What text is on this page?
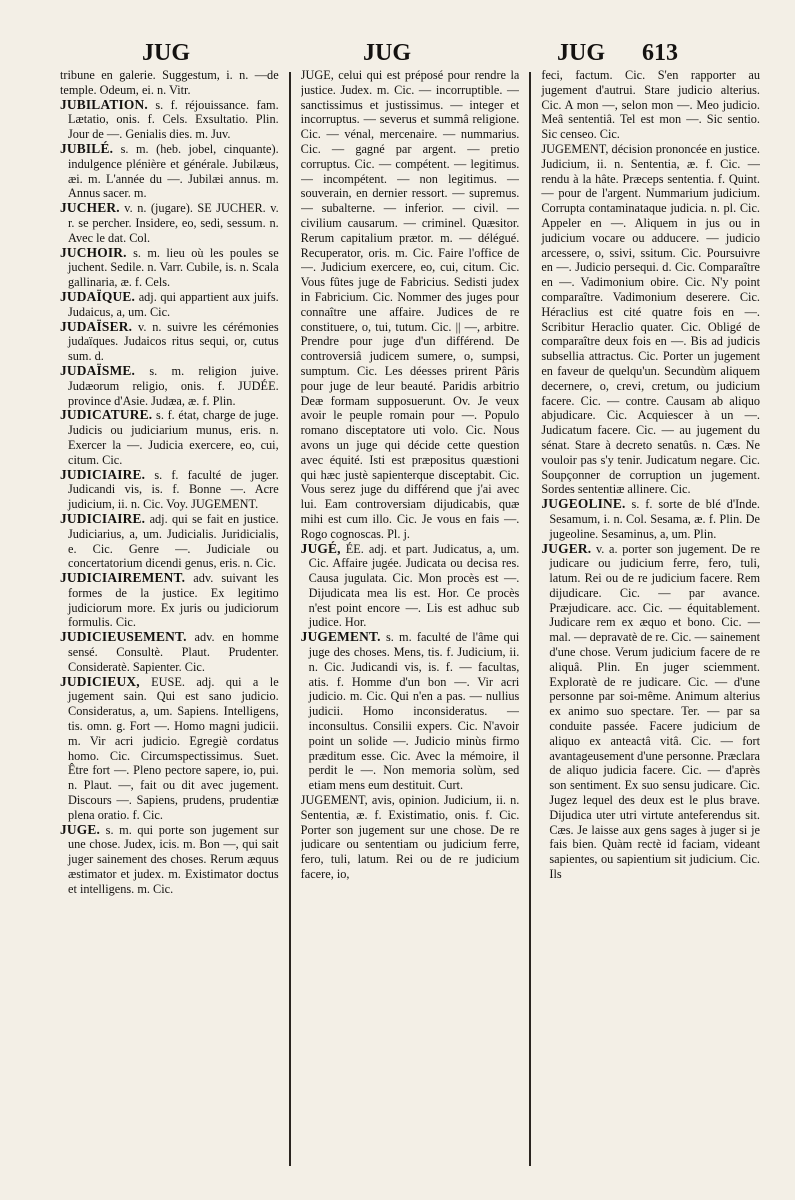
JUG	JUG	JUG 613

tribune en galerie. Suggestum, i. n. —de temple. Odeum, ei. n. Vitr.

JUBILATION. s. f. réjouissance. fam. Lætatio, onis. f. Cels. Exsultatio. Plin. Jour de —. Genialis dies. m. Juv.

JUBILÉ. s. m. (heb. jobel, cinquante). indulgence plénière et générale. Jubilæus, æi. m. L'année du —. Jubilæi annus. m. Annus sacer. m.

JUCHER. v. n. (jugare). SE JUCHER. v. r. se percher. Insidere, eo, sedi, sessum. n. Avec le dat. Col.

JUCHOIR. s. m. lieu où les poules se juchent. Sedile. n. Varr. Cubile, is. n. Scala gallinaria, æ. f. Cels.

JUDAÏQUE. adj. qui appartient aux juifs. Judaicus, a, um. Cic.

JUDAÏSER. v. n. suivre les cérémonies judaïques. Judaicos ritus sequi, or, cutus sum. d.

JUDAÏSME. s. m. religion juive. Judæorum religio, onis. f. JUDÉE. province d'Asie. Judæa, æ. f. Plin.

JUDICATURE. s. f. état, charge de juge. Judicis ou judiciarium munus, eris. n. Exercer la —. Judicia exercere, eo, cui, citum. Cic.

JUDICIAIRE. s. f. faculté de juger. Judicandi vis, is. f. Bonne —. Acre judicium, ii. n. Cic. Voy. JUGEMENT.

JUDICIAIRE. adj. qui se fait en justice. Judiciarius, a, um. Judicialis. Juridicialis, e. Cic. Genre —. Judiciale ou concertatorium dicendi genus, eris. n. Cic.

JUDICIAIREMENT. adv. suivant les formes de la justice. Ex legitimo judiciorum more. Ex juris ou judiciorum formulis. Cic.

JUDICIEUSEMENT. adv. en homme sensé. Consultè. Plaut. Prudenter. Consideratè. Sapienter. Cic.

JUDICIEUX, EUSE. adj. qui a le jugement sain. Qui est sano judicio. Consideratus, a, um. Sapiens. Intelligens, tis. omn. g. Fort —. Homo magni judicii. m. Vir acri judicio. Egregiè cordatus homo. Cic. Circumspectissimus. Suet. Être fort —. Pleno pectore sapere, io, pui. n. Plaut. —, fait ou dit avec jugement. Discours —. Sapiens, prudens, prudentiæ plena oratio. f. Cic.

JUGE. s. m. qui porte son jugement sur une chose. Judex, icis. m. Bon —, qui sait juger sainement des choses. Rerum æquus æstimator et judex. m. Existimator doctus et intelligens. m. Cic.

JUGE, celui qui est préposé pour rendre la justice. Judex. m. Cic. — incorruptible. — sanctissimus et justissimus. — integer et incorruptus. — severus et summâ religione. Cic. — vénal, mercenaire. — nummarius. Cic. — gagné par argent. — pretio corruptus. Cic. — compétent. — legitimus. — incompétent. — non legitimus. — souverain, en dernier ressort. — supremus. — subalterne. — inferior. — civil. — civilium causarum. — criminel. Quæsitor. Rerum capitalium prætor. m. — délégué. Recuperator, oris. m. Cic. Faire l'office de —. Judicium exercere, eo, cui, citum. Cic. Vous fûtes juge de Fabricius. Sedisti judex in Fabricium. Cic. Nommer des juges pour connaître une affaire. Judices de re constituere, o, tui, tutum. Cic. || —, arbitre. Prendre pour juge d'un différend. De controversiâ judicem sumere, o, sumpsi, sumptum. Cic. Les déesses prirent Pâris pour juge de leur beauté. Paridis arbitrio Deæ formam supposuerunt. Ov. Je veux avoir le peuple romain pour —. Populo romano disceptatore uti volo. Cic. Nous avons un juge qui décide cette question avec équité. Isti est præpositus quæstioni qui hæc justè sapienterque disceptabit. Cic. Vous serez juge du différend que j'ai avec lui. Eam controversiam dijudicabis, quæ mihi est cum illo. Cic. Je vous en fais —. Rogo cognoscas. Pl. j.

JUGÉ, ÉE. adj. et part. Judicatus, a, um. Cic. Affaire jugée. Judicata ou decisa res. Causa jugulata. Cic. Mon procès est —. Dijudicata mea lis est. Hor. Ce procès n'est point encore —. Lis est adhuc sub judice. Hor.

JUGEMENT. s. m. faculté de l'âme qui juge des choses. Mens, tis. f. Judicium, ii. n. Cic. Judicandi vis, is. f. — facultas, atis. f. Homme d'un bon —. Vir acri judicio. m. Cic. Qui n'en a pas. — nullius judicii. Homo inconsideratus. — inconsultus. Consilii expers. Cic. N'avoir point un solide —. Judicio minùs firmo præditum esse. Cic. Avec la mémoire, il perdit le —. Non memoria solùm, sed etiam mens eum destituit. Curt.

JUGEMENT, avis, opinion. Judicium, ii. n. Sententia, æ. f. Existimatio, onis. f. Cic. Porter son jugement sur une chose. De re judicare ou sententiam ou judicium ferre, fero, tuli, latum. Rei ou de re judicium facere, io,

feci, factum. Cic. S'en rapporter au jugement d'autrui. Stare judicio alterius. Cic. A mon —, selon mon —. Meo judicio. Meâ sententiâ. Tel est mon —. Sic sentio. Sic censeo. Cic.

JUGEMENT, décision prononcée en justice. Judicium, ii. n. Sententia, æ. f. Cic. — rendu à la hâte. Præceps sententia. f. Quint. — pour de l'argent. Nummarium judicium. Corrupta contaminataque judicia. n. pl. Cic. Appeler en —. Aliquem in jus ou in judicium vocare ou adducere. — judicio arcessere, o, ssivi, ssitum. Cic. Poursuivre en —. Judicio persequi. d. Cic. Comparaître en —. Vadimonium obire. Cic. N'y point comparaître. Vadimonium deserere. Cic. Héraclius est cité quatre fois en —. Scribitur Heraclio quater. Cic. Obligé de comparaître deux fois en —. Bis ad judicis subsellia attractus. Cic. Porter un jugement en faveur de quelqu'un. Secundùm aliquem decernere, o, crevi, cretum, ou judicium facere. Cic. — contre. Causam ab aliquo abjudicare. Cic. Acquiescer à un —. Judicatum facere. Cic. — au jugement du sénat. Stare à decreto senatûs. n. Cæs. Ne vouloir pas s'y tenir. Judicatum negare. Cic. Soupçonner de corruption un jugement. Sordes sententiæ allinere. Cic.

JUGEOLINE. s. f. sorte de blé d'Inde. Sesamum, i. n. Col. Sesama, æ. f. Plin. De jugeoline. Sesaminus, a, um. Plin.

JUGER. v. a. porter son jugement. De re judicare ou judicium ferre, fero, tuli, latum. Rei ou de re judicium facere. Rem dijudicare. Cic. — par avance. Præjudicare. acc. Cic. — équitablement. Judicare rem ex æquo et bono. Cic. — mal. — depravatè de re. Cic. — sainement d'une chose. Verum judicium facere de re aliquâ. Plin. En juger sciemment. Exploratè de re judicare. Cic. — d'une personne par soi-même. Animum alterius ex animo suo spectare. Ter. — par sa conduite passée. Facere judicium de aliquo ex anteactâ vitâ. Cic. — fort avantageusement d'une personne. Præclara de aliquo judicia facere. Cic. — d'après son sentiment. Ex suo sensu judicare. Cic. Jugez lequel des deux est le plus brave. Dijudica uter utri virtute anteferendus sit. Cæs. Je laisse aux gens sages à juger si je fais bien. Quàm rectè id faciam, videant sapientes, ou sapientium sit judicium. Cic. Ils
